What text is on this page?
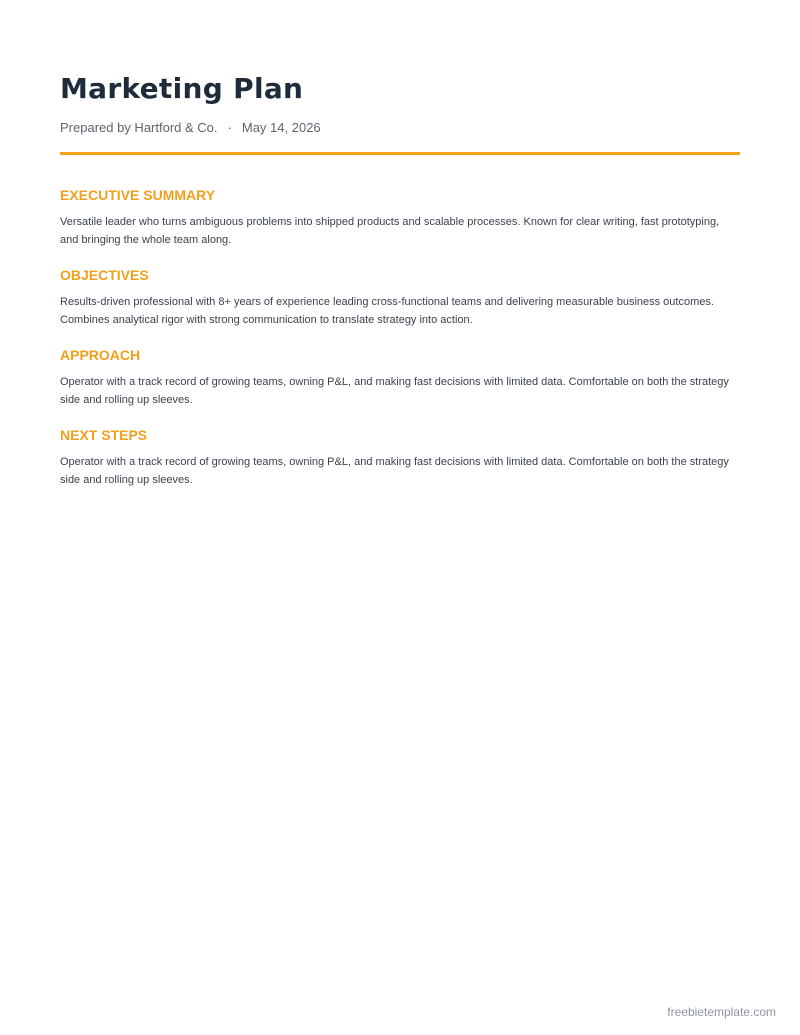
Marketing Plan
Prepared by Hartford & Co. · May 14, 2026
EXECUTIVE SUMMARY

Versatile leader who turns ambiguous problems into shipped products and scalable processes. Known for clear writing, fast prototyping, and bringing the whole team along.

OBJECTIVES

Results-driven professional with 8+ years of experience leading cross-functional teams and delivering measurable business outcomes. Combines analytical rigor with strong communication to translate strategy into action.

APPROACH

Operator with a track record of growing teams, owning P&L, and making fast decisions with limited data. Comfortable on both the strategy side and rolling up sleeves.

NEXT STEPS

Operator with a track record of growing teams, owning P&L, and making fast decisions with limited data. Comfortable on both the strategy side and rolling up sleeves.

freebietemplate.com
